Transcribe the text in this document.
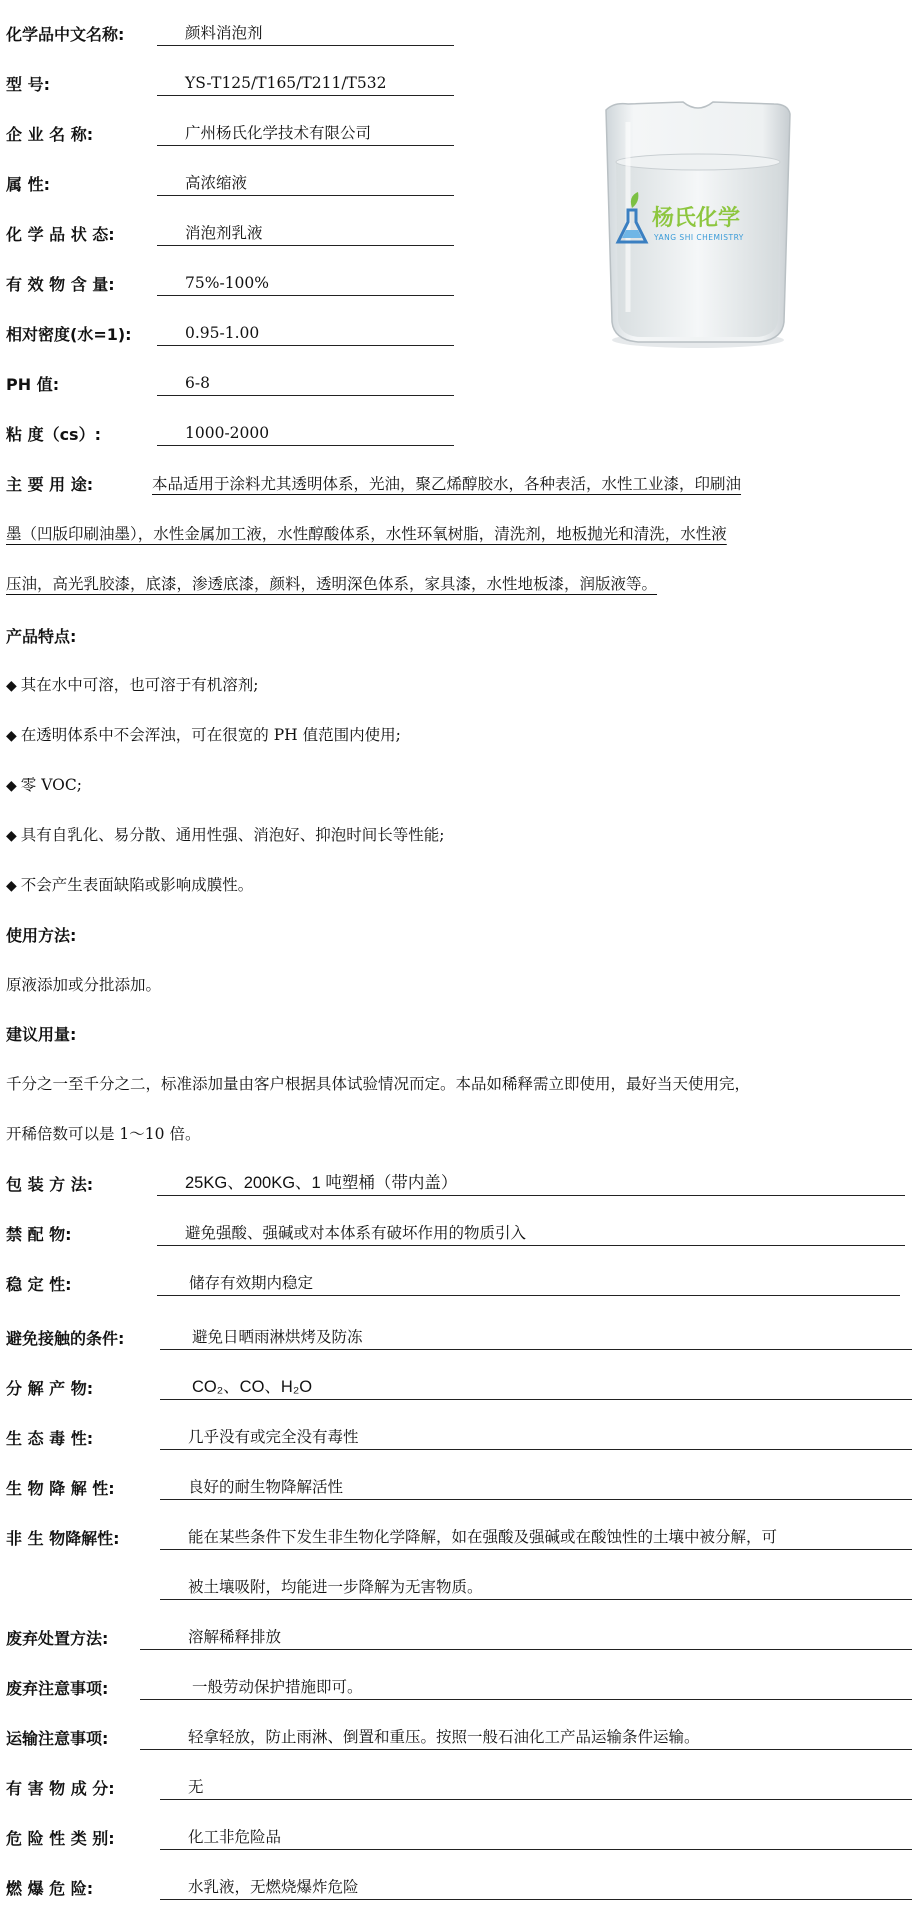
化学品中文名称:	颜料消泡剂
型 号:	YS-T125/T165/T211/T532
企 业 名 称:	广州杨氏化学技术有限公司
属 性:	高浓缩液
化 学 品 状 态:	消泡剂乳液
有 效 物 含 量:	75%-100%
相对密度(水=1):	0.95-1.00
PH 值:	6-8
粘 度（cs）:	1000-2000
杨氏化学
YANG SHI CHEMISTRY
主 要 用 途:	本品适用于涂料尤其透明体系，光油，聚乙烯醇胶水，各种表活，水性工业漆，印刷油
墨（凹版印刷油墨），水性金属加工液，水性醇酸体系，水性环氧树脂，清洗剂，地板抛光和清洗，水性液
压油，高光乳胶漆，底漆，渗透底漆，颜料，透明深色体系，家具漆，水性地板漆，润版液等。
产品特点:
◆ 其在水中可溶，也可溶于有机溶剂;
◆ 在透明体系中不会浑浊，可在很宽的 PH 值范围内使用;
◆ 零 VOC;
◆ 具有自乳化、易分散、通用性强、消泡好、抑泡时间长等性能;
◆ 不会产生表面缺陷或影响成膜性。
使用方法:
原液添加或分批添加。
建议用量:
千分之一至千分之二，标准添加量由客户根据具体试验情况而定。本品如稀释需立即使用，最好当天使用完，
开稀倍数可以是 1～10 倍。
包 装 方 法:	25KG、200KG、1 吨塑桶（带内盖）
禁 配 物:	避免强酸、强碱或对本体系有破坏作用的物质引入
稳 定 性:	储存有效期内稳定
避免接触的条件:	避免日晒雨淋烘烤及防冻
分 解 产 物:	CO₂、CO、H₂O
生 态 毒 性:	几乎没有或完全没有毒性
生 物 降 解 性:	良好的耐生物降解活性
非 生 物降解性:	能在某些条件下发生非生物化学降解，如在强酸及强碱或在酸蚀性的土壤中被分解，可
被土壤吸附，均能进一步降解为无害物质。
废弃处置方法:	溶解稀释排放
废弃注意事项:	一般劳动保护措施即可。
运输注意事项:	轻拿轻放，防止雨淋、倒置和重压。按照一般石油化工产品运输条件运输。
有 害 物 成 分:	无
危 险 性 类 别:	化工非危险品
燃 爆 危 险:	水乳液，无燃烧爆炸危险
